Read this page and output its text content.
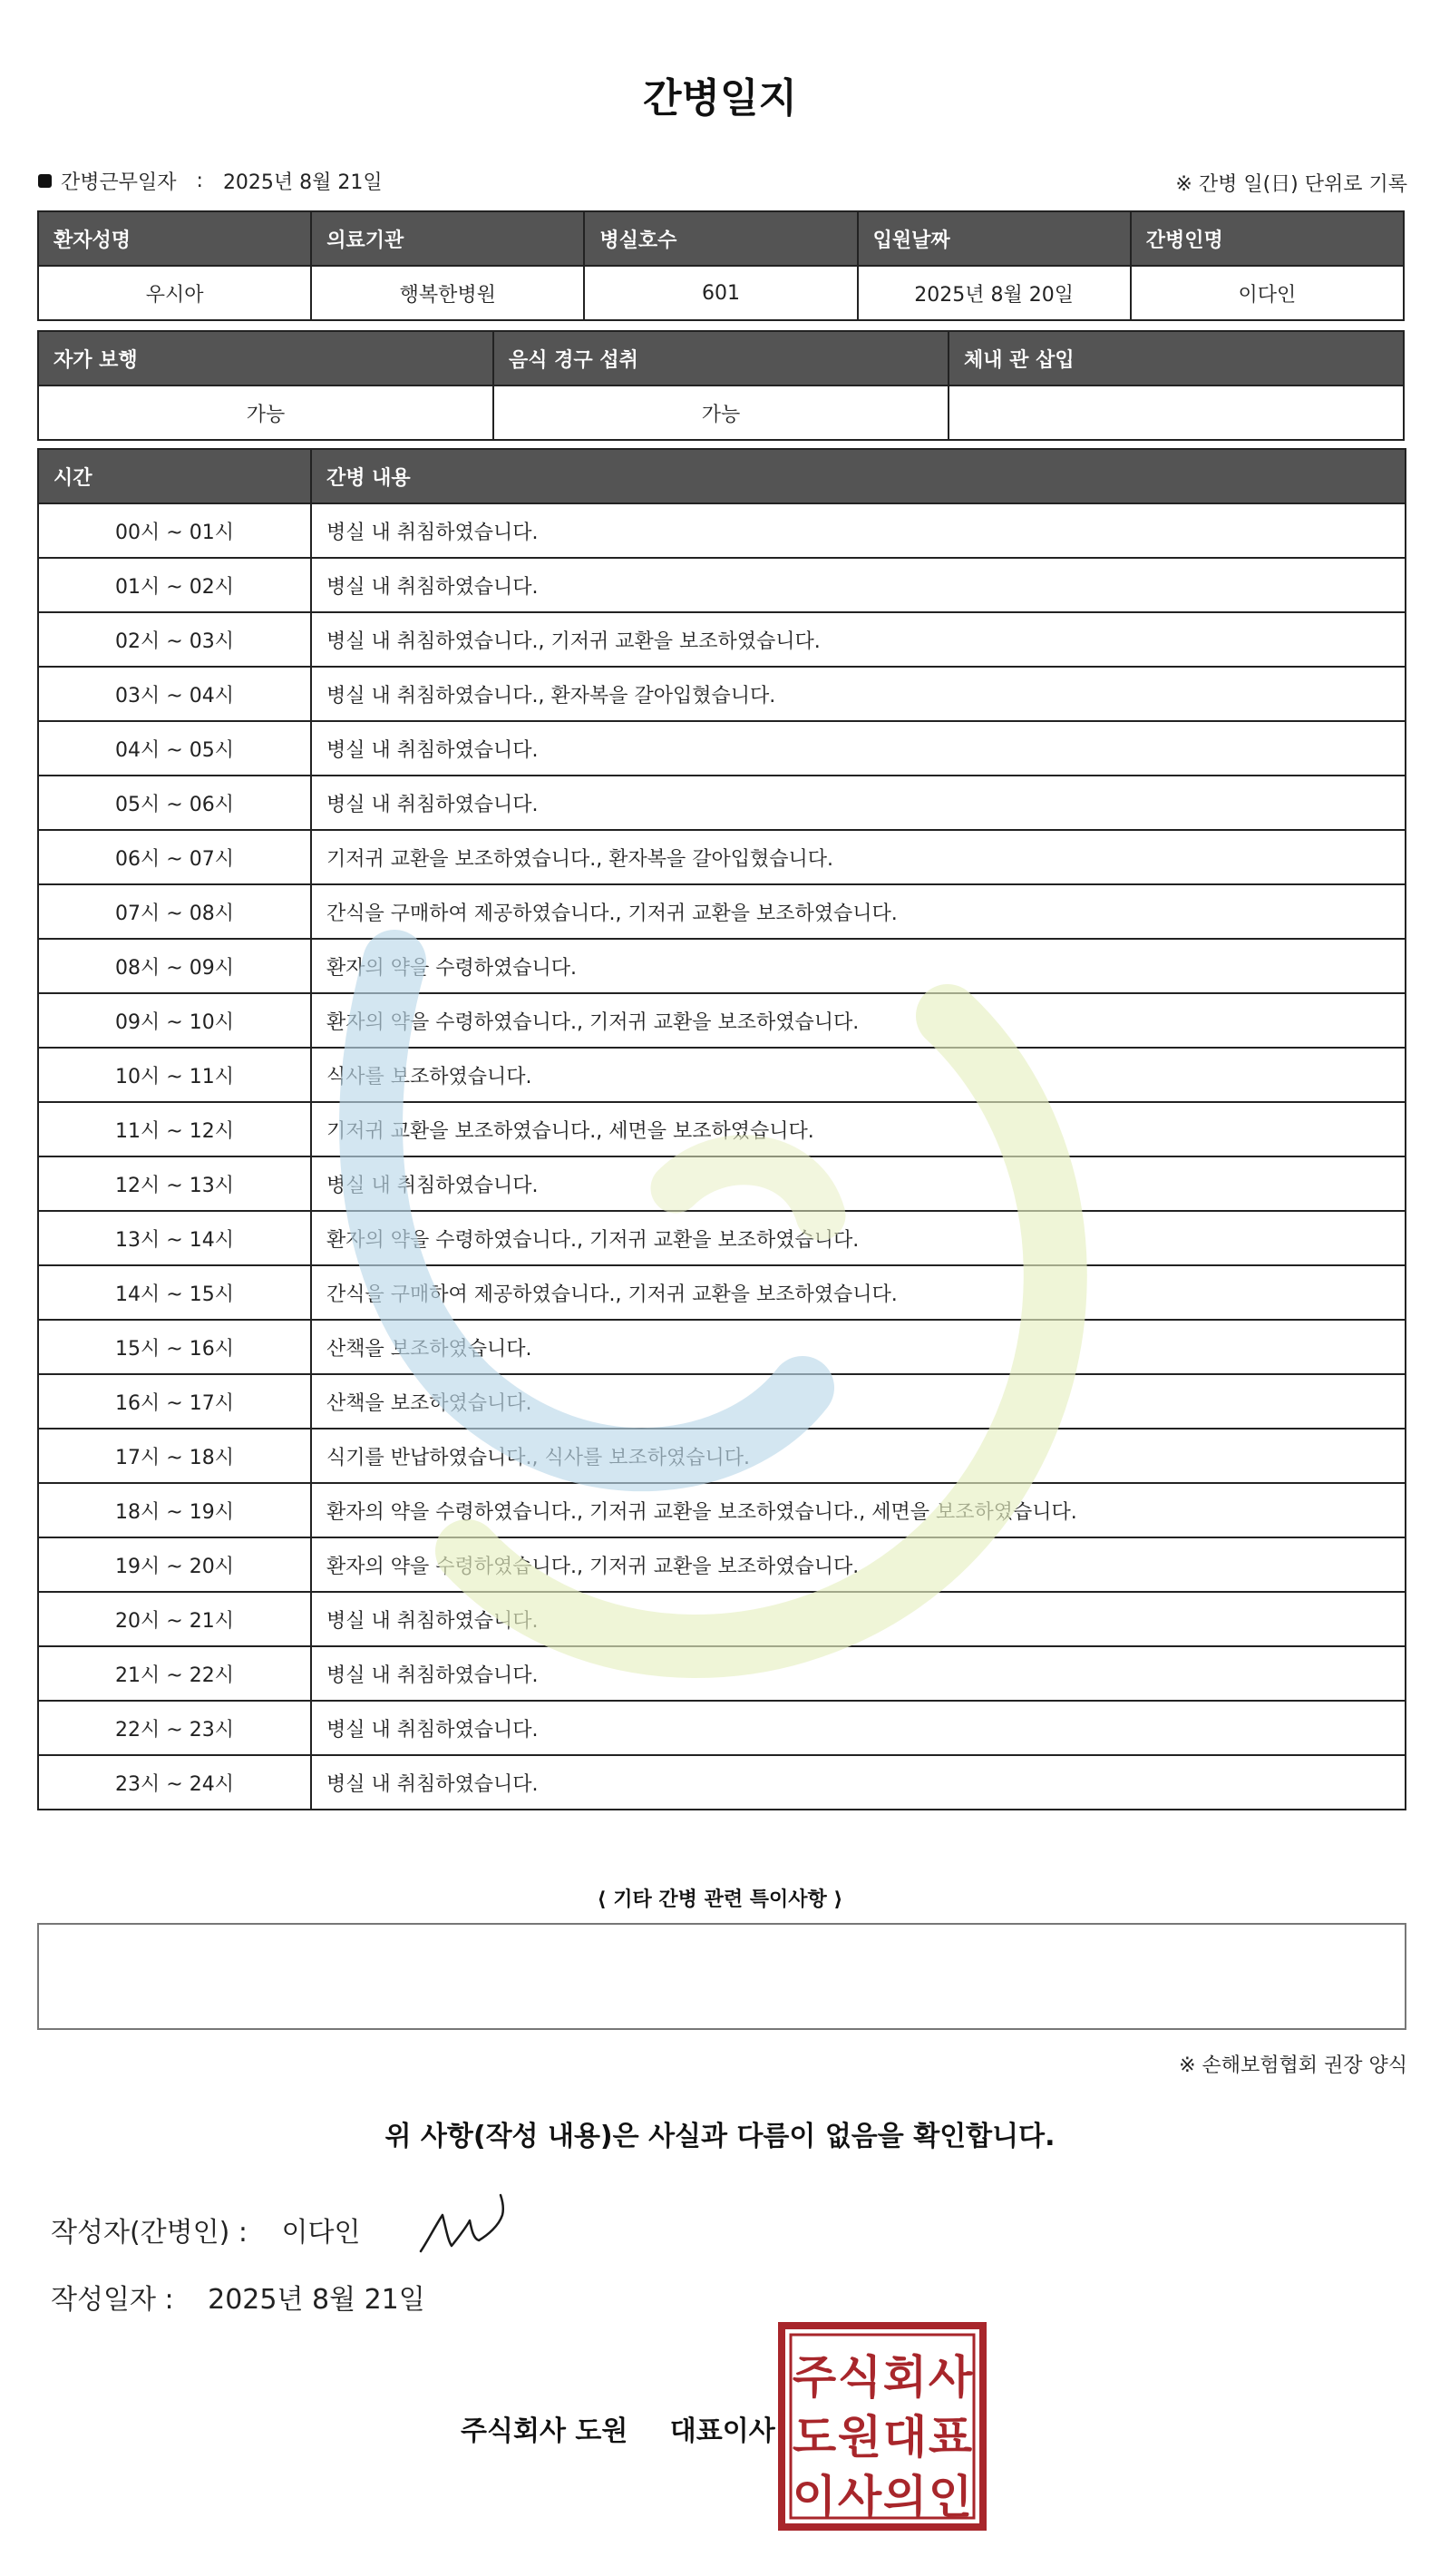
간병일지
간병근무일자 : 2025년 8월 21일	※ 간병 일(日) 단위로 기록
환자성명	의료기관	병실호수	입원날짜	간병인명
우시아	행복한병원	601	2025년 8월 20일	이다인
자가 보행	음식 경구 섭취	체내 관 삽입
가능	가능	
시간	간병 내용
00시 ~ 01시	병실 내 취침하였습니다.
01시 ~ 02시	병실 내 취침하였습니다.
02시 ~ 03시	병실 내 취침하였습니다., 기저귀 교환을 보조하였습니다.
03시 ~ 04시	병실 내 취침하였습니다., 환자복을 갈아입혔습니다.
04시 ~ 05시	병실 내 취침하였습니다.
05시 ~ 06시	병실 내 취침하였습니다.
06시 ~ 07시	기저귀 교환을 보조하였습니다., 환자복을 갈아입혔습니다.
07시 ~ 08시	간식을 구매하여 제공하였습니다., 기저귀 교환을 보조하였습니다.
08시 ~ 09시	환자의 약을 수령하였습니다.
09시 ~ 10시	환자의 약을 수령하였습니다., 기저귀 교환을 보조하였습니다.
10시 ~ 11시	식사를 보조하였습니다.
11시 ~ 12시	기저귀 교환을 보조하였습니다., 세면을 보조하였습니다.
12시 ~ 13시	병실 내 취침하였습니다.
13시 ~ 14시	환자의 약을 수령하였습니다., 기저귀 교환을 보조하였습니다.
14시 ~ 15시	간식을 구매하여 제공하였습니다., 기저귀 교환을 보조하였습니다.
15시 ~ 16시	산책을 보조하였습니다.
16시 ~ 17시	산책을 보조하였습니다.
17시 ~ 18시	식기를 반납하였습니다., 식사를 보조하였습니다.
18시 ~ 19시	환자의 약을 수령하였습니다., 기저귀 교환을 보조하였습니다., 세면을 보조하였습니다.
19시 ~ 20시	환자의 약을 수령하였습니다., 기저귀 교환을 보조하였습니다.
20시 ~ 21시	병실 내 취침하였습니다.
21시 ~ 22시	병실 내 취침하였습니다.
22시 ~ 23시	병실 내 취침하였습니다.
23시 ~ 24시	병실 내 취침하였습니다.
⟨ 기타 간병 관련 특이사항 ⟩
※ 손해보험협회 권장 양식
위 사항(작성 내용)은 사실과 다름이 없음을 확인합니다.
작성자(간병인) : 이다인
작성일자 : 2025년 8월 21일
주식회사 도원 대표이사
주 식 회 사
도 원 대 표
이 사 의 인
